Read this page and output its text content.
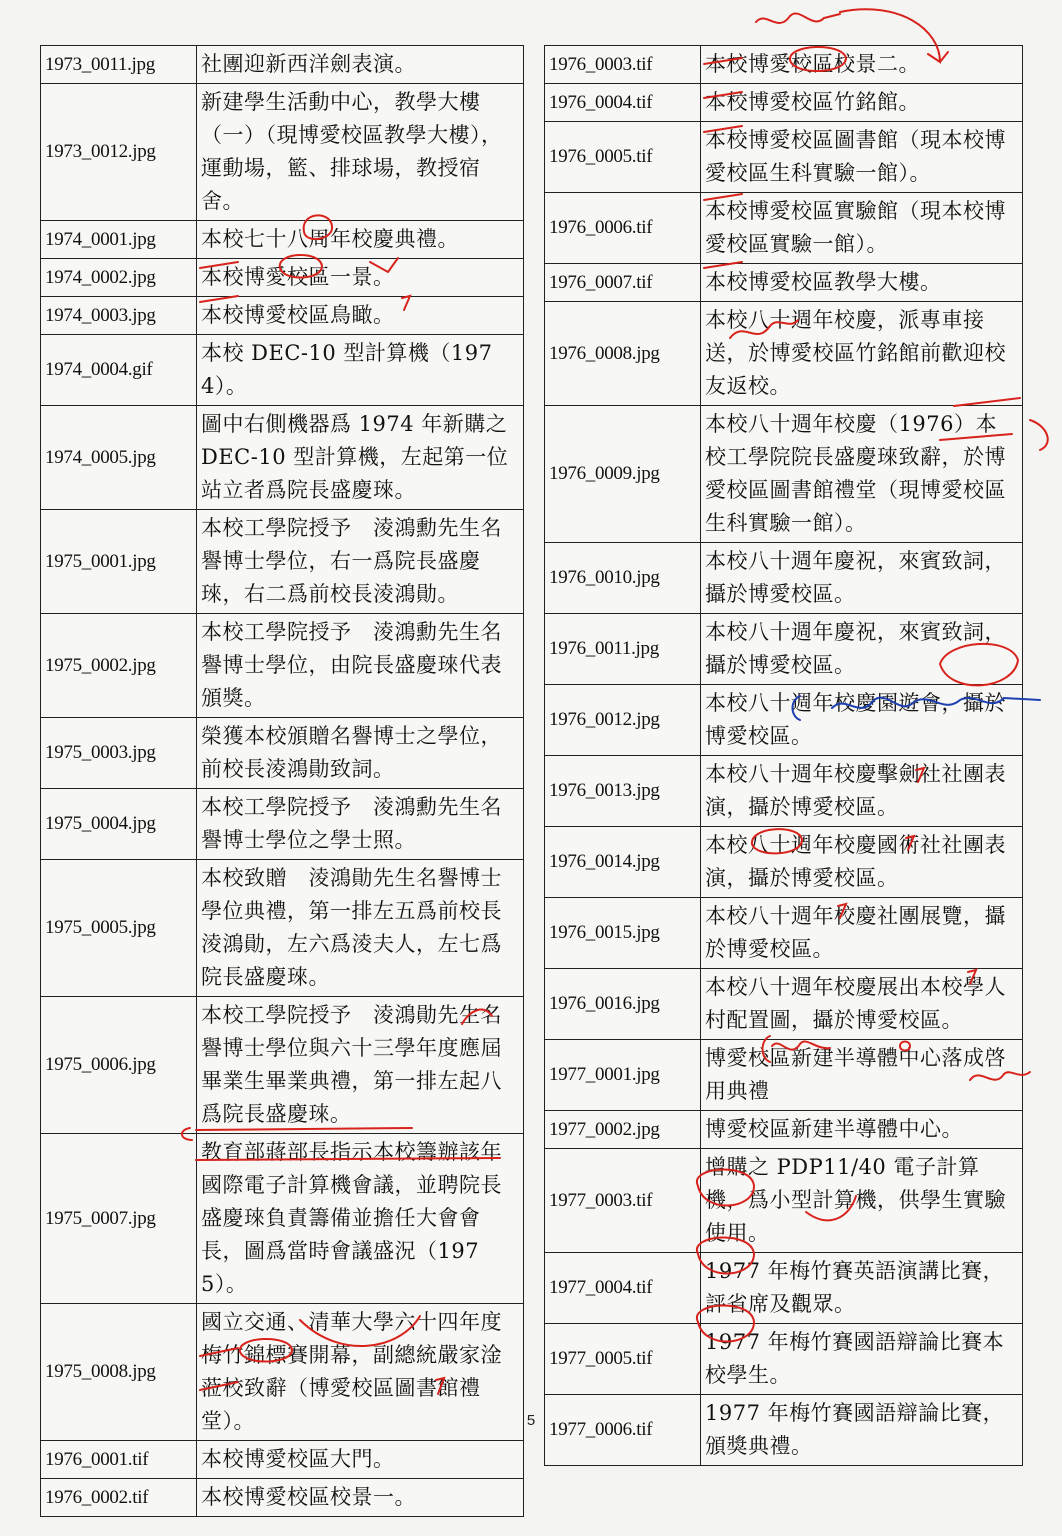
1973_0011.jpg	社團迎新西洋劍表演。
1973_0012.jpg	新建學生活動中心，教學大樓（一）（現博愛校區教學大樓），運動場，籃、排球場，教授宿舍。
1974_0001.jpg	本校七十八周年校慶典禮。
1974_0002.jpg	本校博愛校區一景。
1974_0003.jpg	本校博愛校區鳥瞰。
1974_0004.gif	本校 DEC-10 型計算機（1974）。
1974_0005.jpg	圖中右側機器爲 1974 年新購之 DEC-10 型計算機，左起第一位站立者爲院長盛慶琜。
1975_0001.jpg	本校工學院授予　淩鴻勳先生名譽博士學位，右一爲院長盛慶琜，右二爲前校長淩鴻勛。
1975_0002.jpg	本校工學院授予　淩鴻勳先生名譽博士學位，由院長盛慶琜代表頒獎。
1975_0003.jpg	榮獲本校頒贈名譽博士之學位，前校長淩鴻勛致詞。
1975_0004.jpg	本校工學院授予　淩鴻勳先生名譽博士學位之學士照。
1975_0005.jpg	本校致贈　淩鴻勛先生名譽博士學位典禮，第一排左五爲前校長淩鴻勛，左六爲淩夫人，左七爲院長盛慶琜。
1975_0006.jpg	本校工學院授予　淩鴻勛先生名譽博士學位與六十三學年度應屆畢業生畢業典禮，第一排左起八爲院長盛慶琜。
1975_0007.jpg	教育部蔣部長指示本校籌辦該年國際電子計算機會議，並聘院長盛慶琜負責籌備並擔任大會會長，圖爲當時會議盛況（1975）。
1975_0008.jpg	國立交通、清華大學六十四年度梅竹錦標賽開幕，副總統嚴家淦蒞校致辭（博愛校區圖書館禮堂）。
1976_0001.tif	本校博愛校區大門。
1976_0002.tif	本校博愛校區校景一。
1976_0003.tif	本校博愛校區校景二。
1976_0004.tif	本校博愛校區竹銘館。
1976_0005.tif	本校博愛校區圖書館（現本校博愛校區生科實驗一館）。
1976_0006.tif	本校博愛校區實驗館（現本校博愛校區實驗一館）。
1976_0007.tif	本校博愛校區教學大樓。
1976_0008.jpg	本校八十週年校慶，派專車接送，於博愛校區竹銘館前歡迎校友返校。
1976_0009.jpg	本校八十週年校慶（1976）本校工學院院長盛慶琜致辭，於博愛校區圖書館禮堂（現博愛校區生科實驗一館）。
1976_0010.jpg	本校八十週年慶祝，來賓致詞，攝於博愛校區。
1976_0011.jpg	本校八十週年慶祝，來賓致詞，攝於博愛校區。
1976_0012.jpg	本校八十週年校慶園遊會，攝於博愛校區。
1976_0013.jpg	本校八十週年校慶擊劍社社團表演，攝於博愛校區。
1976_0014.jpg	本校八十週年校慶國術社社團表演，攝於博愛校區。
1976_0015.jpg	本校八十週年校慶社團展覽，攝於博愛校區。
1976_0016.jpg	本校八十週年校慶展出本校學人村配置圖，攝於博愛校區。
1977_0001.jpg	博愛校區新建半導體中心落成啓用典禮
1977_0002.jpg	博愛校區新建半導體中心。
1977_0003.tif	增購之 PDP11/40 電子計算機，爲小型計算機，供學生實驗使用。
1977_0004.tif	1977 年梅竹賽英語演講比賽，評省席及觀眾。
1977_0005.tif	1977 年梅竹賽國語辯論比賽本校學生。
1977_0006.tif	1977 年梅竹賽國語辯論比賽，頒獎典禮。
5
